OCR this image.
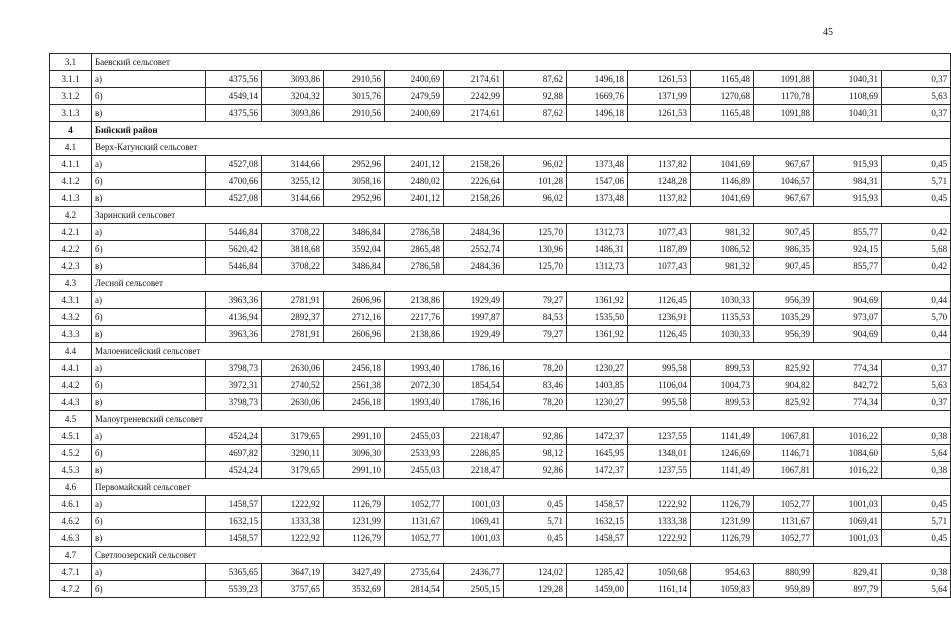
45
3.1	Баевский сельсовет												
3.1.1	а)	4375,56	3093,86	2910,56	2400,69	2174,61	87,62	1496,18	1261,53	1165,48	1091,88	1040,31	0,37
3.1.2	б)	4549,14	3204,32	3015,76	2479,59	2242,99	92,88	1669,76	1371,99	1270,68	1170,78	1108,69	5,63
3.1.3	в)	4375,56	3093,86	2910,56	2400,69	2174,61	87,62	1496,18	1261,53	1165,48	1091,88	1040,31	0,37
4	Бийский район												
4.1	Верх-Катунский сельсовет												
4.1.1	а)	4527,08	3144,66	2952,96	2401,12	2158,26	96,02	1373,48	1137,82	1041,69	967,67	915,93	0,45
4.1.2	б)	4700,66	3255,12	3058,16	2480,02	2226,64	101,28	1547,06	1248,28	1146,89	1046,57	984,31	5,71
4.1.3	в)	4527,08	3144,66	2952,96	2401,12	2158,26	96,02	1373,48	1137,82	1041,69	967,67	915,93	0,45
4.2	Заринский сельсовет												
4.2.1	а)	5446,84	3708,22	3486,84	2786,58	2484,36	125,70	1312,73	1077,43	981,32	907,45	855,77	0,42
4.2.2	б)	5620,42	3818,68	3592,04	2865,48	2552,74	130,96	1486,31	1187,89	1086,52	986,35	924,15	5,68
4.2.3	в)	5446,84	3708,22	3486,84	2786,58	2484,36	125,70	1312,73	1077,43	981,32	907,45	855,77	0,42
4.3	Лесной сельсовет												
4.3.1	а)	3963,36	2781,91	2606,96	2138,86	1929,49	79,27	1361,92	1126,45	1030,33	956,39	904,69	0,44
4.3.2	б)	4136,94	2892,37	2712,16	2217,76	1997,87	84,53	1535,50	1236,91	1135,53	1035,29	973,07	5,70
4.3.3	в)	3963,36	2781,91	2606,96	2138,86	1929,49	79,27	1361,92	1126,45	1030,33	956,39	904,69	0,44
4.4	Малоенисейский сельсовет												
4.4.1	а)	3798,73	2630,06	2456,18	1993,40	1786,16	78,20	1230,27	995,58	899,53	825,92	774,34	0,37
4.4.2	б)	3972,31	2740,52	2561,38	2072,30	1854,54	83,46	1403,85	1106,04	1004,73	904,82	842,72	5,63
4.4.3	в)	3798,73	2630,06	2456,18	1993,40	1786,16	78,20	1230,27	995,58	899,53	825,92	774,34	0,37
4.5	Малоугреневский сельсовет												
4.5.1	а)	4524,24	3179,65	2991,10	2455,03	2218,47	92,86	1472,37	1237,55	1141,49	1067,81	1016,22	0,38
4.5.2	б)	4697,82	3290,11	3096,30	2533,93	2286,85	98,12	1645,95	1348,01	1246,69	1146,71	1084,60	5,64
4.5.3	в)	4524,24	3179,65	2991,10	2455,03	2218,47	92,86	1472,37	1237,55	1141,49	1067,81	1016,22	0,38
4.6	Первомайский сельсовет												
4.6.1	а)	1458,57	1222,92	1126,79	1052,77	1001,03	0,45	1458,57	1222,92	1126,79	1052,77	1001,03	0,45
4.6.2	б)	1632,15	1333,38	1231,99	1131,67	1069,41	5,71	1632,15	1333,38	1231,99	1131,67	1069,41	5,71
4.6.3	в)	1458,57	1222,92	1126,79	1052,77	1001,03	0,45	1458,57	1222,92	1126,79	1052,77	1001,03	0,45
4.7	Светлоозерский сельсовет												
4.7.1	а)	5365,65	3647,19	3427,49	2735,64	2436,77	124,02	1285,42	1050,68	954,63	880,99	829,41	0,38
4.7.2	б)	5539,23	3757,65	3532,69	2814,54	2505,15	129,28	1459,00	1161,14	1059,83	959,89	897,79	5,64
